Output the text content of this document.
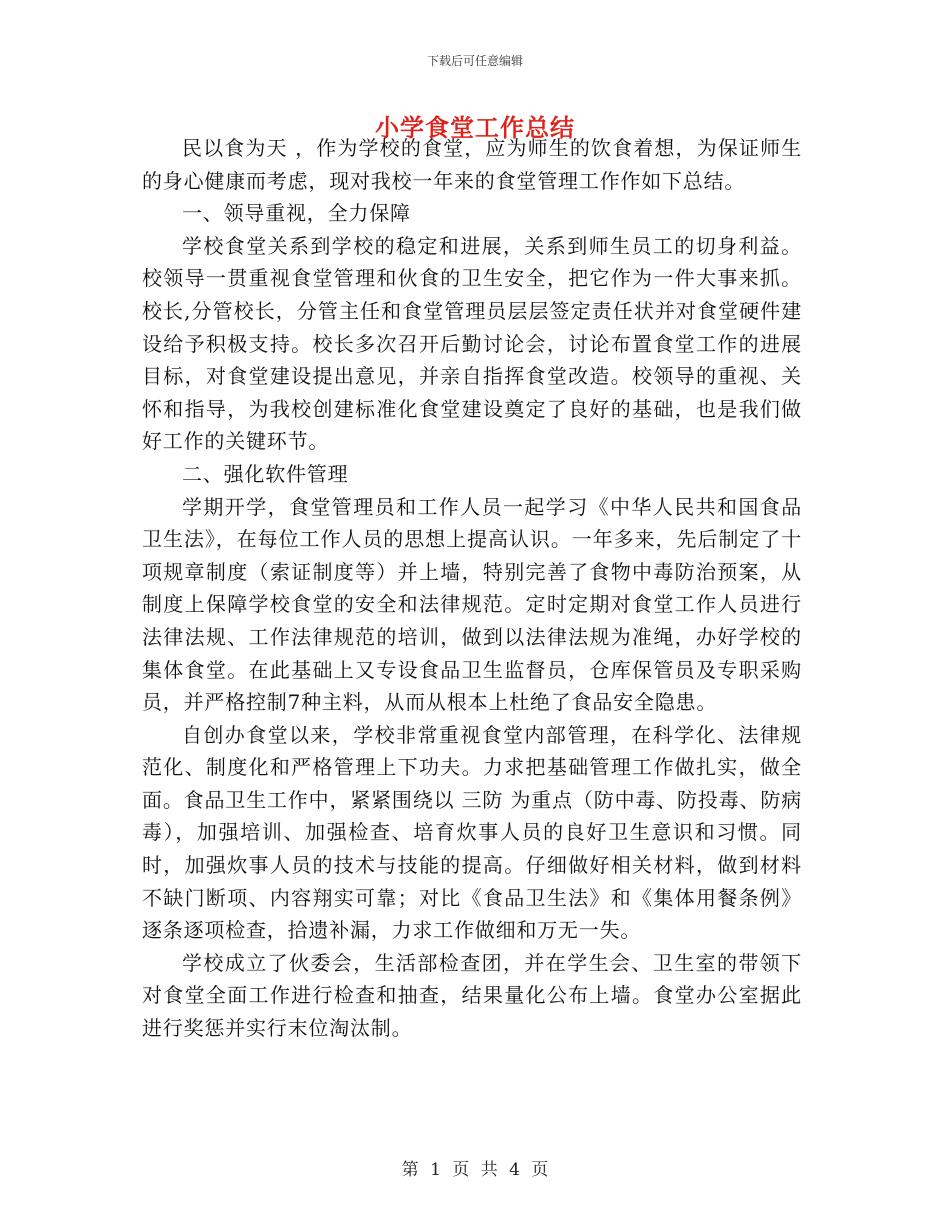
下载后可任意编辑
小学食堂工作总结

民以食为天 ，作为学校的食堂，应为师生的饮食着想，为保证师生的身心健康而考虑，现对我校一年来的食堂管理工作作如下总结。

一、领导重视，全力保障

学校食堂关系到学校的稳定和进展，关系到师生员工的切身利益。校领导一贯重视食堂管理和伙食的卫生安全，把它作为一件大事来抓。校长,分管校长，分管主任和食堂管理员层层签定责任状并对食堂硬件建设给予积极支持。校长多次召开后勤讨论会，讨论布置食堂工作的进展目标，对食堂建设提出意见，并亲自指挥食堂改造。校领导的重视、关怀和指导，为我校创建标准化食堂建设奠定了良好的基础，也是我们做好工作的关键环节。

二、强化软件管理

学期开学，食堂管理员和工作人员一起学习《中华人民共和国食品卫生法》，在每位工作人员的思想上提高认识。一年多来，先后制定了十项规章制度（索证制度等）并上墙，特别完善了食物中毒防治预案，从制度上保障学校食堂的安全和法律规范。定时定期对食堂工作人员进行法律法规、工作法律规范的培训，做到以法律法规为准绳，办好学校的集体食堂。在此基础上又专设食品卫生监督员，仓库保管员及专职采购员，并严格控制7种主料，从而从根本上杜绝了食品安全隐患。

自创办食堂以来，学校非常重视食堂内部管理，在科学化、法律规范化、制度化和严格管理上下功夫。力求把基础管理工作做扎实，做全面。食品卫生工作中，紧紧围绕以 三防 为重点（防中毒、防投毒、防病毒），加强培训、加强检查、培育炊事人员的良好卫生意识和习惯。同时，加强炊事人员的技术与技能的提高。仔细做好相关材料，做到材料不缺门断项、内容翔实可靠；对比《食品卫生法》和《集体用餐条例》逐条逐项检查，拾遗补漏，力求工作做细和万无一失。

学校成立了伙委会，生活部检查团，并在学生会、卫生室的带领下对食堂全面工作进行检查和抽查，结果量化公布上墙。食堂办公室据此进行奖惩并实行末位淘汰制。

第 1 页 共 4 页
